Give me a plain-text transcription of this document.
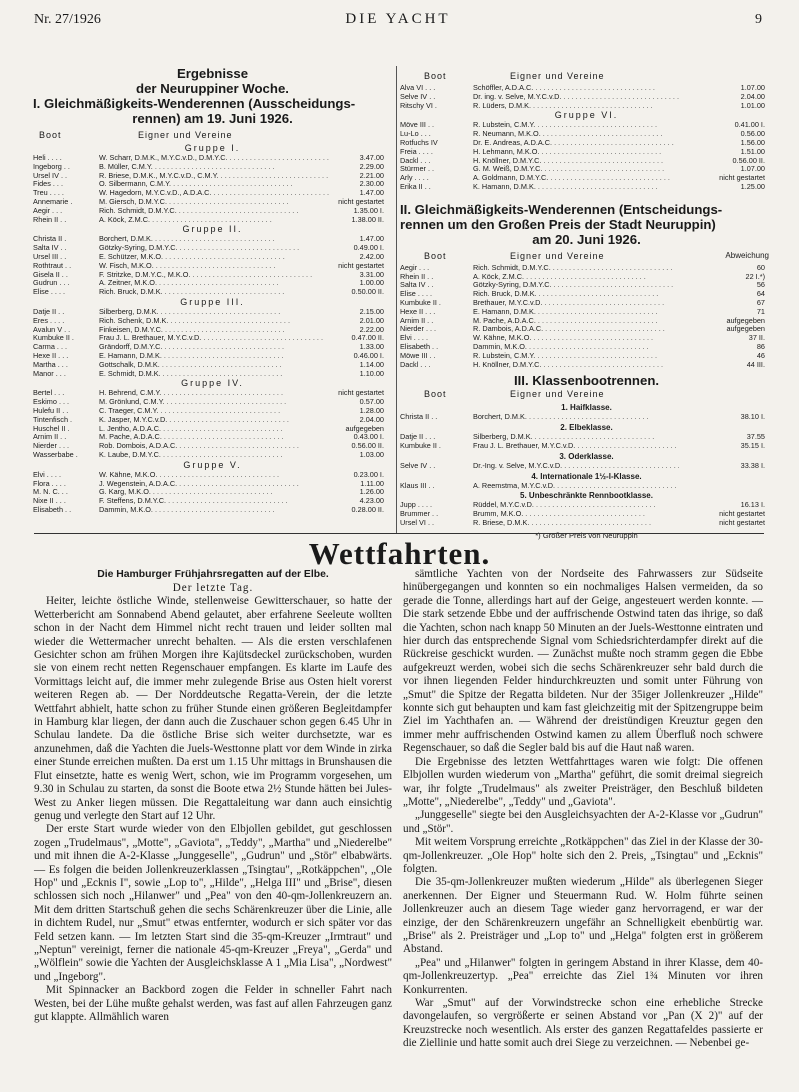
Nr. 27/1926	DIE YACHT	9
Ergebnisse
der Neuruppiner Woche.
I. Gleichmäßigkeits-Wenderennen (Ausscheidungs-
rennen) am 19. Juni 1926.
Boot	Eigner und Vereine
Gruppe I.
Heli . . . .	W. Scharr, D.M.K., M.Y.C.v.D., D.M.Y.C. . . .	3.47.00
Ingeborg . .	B. Müller, C.M.Y. . . .	2.29.00
Ursel IV . .	R. Briese, D.M.K., M.Y.C.v.D., C.M.Y. . . .	2.21.00
Fides . . .	O. Silbermann, C.M.Y. . . .	2.30.00
Treu . . . .	W. Hagedorn, M.Y.C.v.D., A.D.A.C. . . .	1.47.00
Annemarie .	M. Giersch, D.M.Y.C. . . .	nicht gestartet
Aegir . . .	Rich. Schmidt, D.M.Y.C. . . .	1.35.00 I.
Rhein II . .	A. Köck, Z.M.C. . . .	1.38.00 II.
Gruppe II.
Christa II .	Borchert, D.M.K. . . .	1.47.00
Salta IV . .	Götzky-Syring, D.M.Y.C. . . .	0.49.00 I.
Ursel III . .	E. Schützer, M.K.O. . . .	2.42.00
Rothtraut . .	W. Fisch, M.K.O. . . .	nicht gestartet
Gisela II . .	F. Stritzke, D.M.Y.C., M.K.O. . . .	3.31.00
Gudrun . . .	A. Zeitner, M.K.O. . . .	1.00.00
Elise . . . .	Rich. Bruck, D.M.K. . . .	0.50.00 II.
Gruppe III.
Datje II . .	Silberberg, D.M.K. . . .	2.15.00
Eres . . . .	Rich. Schenk, D.M.K. . . .	2.01.00
Avalun V . .	Finkeisen, D.M.Y.C. . . .	2.22.00
Kumbuke II .	Frau J. L. Brethauer, M.Y.C.v.D. . . .	0.47.00 II.
Carma . . .	Grändorff, D.M.Y.C. . . .	1.33.00
Hexe II . . .	E. Hamann, D.M.K. . . .	0.46.00 I.
Martha . . .	Gottschalk, D.M.K. . . .	1.14.00
Manor . . .	E. Schmidt, D.M.K. . . .	1.10.00
Gruppe IV.
Bertel . . .	H. Behrend, C.M.Y. . . .	nicht gestartet
Eskimo . . .	M. Grönlund, C.M.Y. . . .	0.57.00
Hulefu II . .	C. Traeger, C.M.Y. . . .	1.28.00
Tintenfisch .	K. Jasper, M.Y.C.v.D. . . .	2.04.00
Huschel II .	L. Jentho, A.D.A.C. . . .	aufgegeben
Arnim II . .	M. Pache, A.D.A.C. . . .	0.43.00 I.
Nierder . . .	Rob. Dombois, A.D.A.C. . . .	0.56.00 II.
Wasserbabe .	K. Laube, D.M.Y.C. . . .	1.03.00
Gruppe V.
Elvi . . . .	W. Kähne, M.K.O. . . .	0.23.00 I.
Flora . . . .	J. Wegenstein, A.D.A.C. . . .	1.11.00
M. N. C. . .	G. Karg, M.K.O. . . .	1.26.00
Nixe II . . .	F. Steffens, D.M.Y.C. . . .	4.23.00
Elisabeth . .	Dammin, M.K.O. . . .	0.28.00 II.
Boot	Eigner und Vereine
Alva VI . . .	Schöffler, A.D.A.C. . . .	1.07.00
Selve IV . .	Dr. ing. v. Selve, M.Y.C.v.D. . . .	2.04.00
Ritschy VI .	R. Lüders, D.M.K. . . .	1.01.00
Gruppe VI.
Möve III . .	R. Lubstein, C.M.Y. . . .	0.41.00 I.
Lu-Lo . . .	R. Neumann, M.K.O. . . .	0.56.00
Rotfuchs IV	Dr. E. Andreas, A.D.A.C. . . .	1.56.00
Freia . . . .	H. Lehmann, M.K.O. . . .	1.51.00
Dackl . . .	H. Knöllner, D.M.Y.C. . . .	0.56.00 II.
Stürmer . .	G. M. Weiß, D.M.Y.C. . . .	1.07.00
Arly . . . .	A. Goldmann, D.M.Y.C. . . .	nicht gestartet
Erika II . .	K. Hamann, D.M.K. . . .	1.25.00
II. Gleichmäßigkeits-Wenderennen (Entscheidungs-
rennen um den Großen Preis der Stadt Neuruppin)
am 20. Juni 1926.
Boot	Eigner und Vereine	Abweichung
Aegir . . .	Rich. Schmidt, D.M.Y.C. . . .	60
Rhein II . .	A. Köck, Z.M.C. . . .	22 I.*)
Salta IV . .	Götzky-Syring, D.M.Y.C. . . .	56
Elise . . . .	Rich. Bruck, D.M.K. . . .	64
Kumbuke II .	Brethauer, M.Y.C.v.D. . . .	67
Hexe II . . .	E. Hamann, D.M.K. . . .	71
Arnim II . .	M. Pache, A.D.A.C. . . .	aufgegeben
Nierder . . .	R. Dambois, A.D.A.C. . . .	aufgegeben
Elvi . . . .	W. Kähne, M.K.O. . . .	37 II.
Elisabeth . .	Dammin, M.K.O. . . .	86
Möwe III . .	R. Lubstein, C.M.Y. . . .	46
Dackl . . .	H. Knöllner, D.M.Y.C. . . .	44 III.
III. Klassenbootrennen.
Boot	Eigner und Vereine
1. Haifklasse.
Christa II . .	Borchert, D.M.K. . . .	38.10 I.
2. Elbeklasse.
Datje II . . .	Silberberg, D.M.K. . . .	37.55
Kumbuke II .	Frau J. L. Brethauer, M.Y.C.v.D. . . .	35.15 I.
3. Oderklasse.
Selve IV . .	Dr.-Ing. v. Selve, M.Y.C.v.D. . . .	33.38 I.
4. Internationale 1½-l-Klasse.
Klaus III . .	A. Reemstma, M.Y.C.v.D. . . .
5. Unbeschränkte Rennbootklasse.
Jupp . . . .	Rüddel, M.Y.C.v.D. . . .	16.13 I.
Brummer . .	Brumm, M.K.O. . . .	nicht gestartet
Ursel VI . .	R. Briese, D.M.K. . . .	nicht gestartet
*) Großer Preis von Neuruppin
Wettfahrten.

Die Hamburger Frühjahrsregatten auf der Elbe.

Der letzte Tag.

Heiter, leichte östliche Winde, stellenweise Gewitterschauer, so hatte der Wetterbericht am Sonnabend Abend gelautet, aber erfahrene Seeleute wollten schon in der Nacht dem Himmel nicht recht trauen und leider sollten mal wieder die Wettermacher unrecht behalten. — Als die ersten verschlafenen Gesichter schon am frühen Morgen ihre Kajütsdeckel zurückschoben, wurden sie von einem recht netten Regenschauer empfangen. Es klarte im Laufe des Vormittags leicht auf, die immer mehr zulegende Brise aus Osten hielt vorerst weiteren Regen ab. — Der Norddeutsche Regatta-Verein, der die letzte Wettfahrt abhielt, hatte schon zu früher Stunde einen größeren Begleitdampfer in Hamburg klar liegen, der dann auch die Zuschauer schon gegen 6.45 Uhr in Schulau landete. Da die östliche Brise sich weiter durchsetzte, war es anzunehmen, daß die Yachten die Juels-Westtonne platt vor dem Winde in zirka einer Stunde erreichen mußten. Da erst um 1.15 Uhr mittags in Brunshausen die Flut einsetzte, hatte es wenig Wert, schon, wie im Programm vorgesehen, um 9.30 in Schulau zu starten, da sonst die Boote etwa 2½ Stunde hätten bei Jules-West zu Anker liegen müssen. Die Regattaleitung war dann auch einsichtig genug und verlegte den Start auf 12 Uhr.

Der erste Start wurde wieder von den Elbjollen gebildet, gut geschlossen zogen „Trudelmaus", „Motte", „Gaviota", „Teddy", „Martha" und „Niederelbe" und mit ihnen die A-2-Klasse „Junggeselle", „Gudrun" und „Stör" elbabwärts. — Es folgen die beiden Jollenkreuzerklassen „Tsingtau", „Rotkäppchen", „Ole Hop" und „Ecknis I", sowie „Lop to", „Hilde", „Helga III" und „Brise", diesen schlossen sich noch „Hilanwer" und „Pea" von den 40-qm-Jollenkreuzern an. Mit dem dritten Startschuß gehen die sechs Schärenkreuzer über die Linie, alle in dichtem Rudel, nur „Smut" etwas entfernter, wodurch er sich später vor das Feld setzen kann. — Im letzten Start sind die 35-qm-Kreuzer „Irmtraut" und „Neptun" vereinigt, ferner die nationale 45-qm-Kreuzer „Freya", „Gerda" und „Wölflein" sowie die Yachten der Ausgleichsklasse A 1 „Mia Lisa", „Nordwest" und „Ingeborg".

Mit Spinnacker an Backbord zogen die Felder in schneller Fahrt nach Westen, bei der Lühe mußte gehalst werden, was fast auf allen Fahrzeugen ganz gut klappte. Allmählich waren

sämtliche Yachten von der Nordseite des Fahrwassers zur Südseite hinübergegangen und konnten so ein nochmaliges Halsen vermeiden, da so gerade die Tonne, allerdings hart auf der Geige, angesteuert werden konnte. — Die stark setzende Ebbe und der auffrischende Ostwind taten das ihrige, so daß die Yachten, schon nach knapp 50 Minuten an der Juels-Westtonne eintraten und hier durch das entsprechende Signal vom Schiedsrichterdampfer direkt auf die Rückreise geschickt wurden. — Zunächst mußte noch stramm gegen die Ebbe aufgekreuzt werden, wobei sich die sechs Schärenkreuzer sehr bald durch die vor ihnen liegenden Felder hindurchkreuzten und somit unter Führung von „Smut" die Spitze der Regatta bildeten. Nur der 35iger Jollenkreuzer „Hilde" konnte sich gut behaupten und kam fast gleichzeitig mit der Spitzengruppe beim Ziel im Yachthafen an. — Während der dreistündigen Kreuztur gegen den immer mehr auffrischenden Ostwind kamen zu allem Überfluß noch schwere Regenschauer, so daß die Segler bald bis auf die Haut naß waren.

Die Ergebnisse des letzten Wettfahrttages waren wie folgt: Die offenen Elbjollen wurden wiederum von „Martha" geführt, die somit dreimal siegreich war, ihr folgte „Trudelmaus" als zweiter Preisträger, den Beschluß bildeten „Motte", „Niederelbe", „Teddy" und „Gaviota".

„Junggeselle" siegte bei den Ausgleichsyachten der A-2-Klasse vor „Gudrun" und „Stör".

Mit weitem Vorsprung erreichte „Rotkäppchen" das Ziel in der Klasse der 30-qm-Jollenkreuzer. „Ole Hop" holte sich den 2. Preis, „Tsingtau" und „Ecknis" folgten.

Die 35-qm-Jollenkreuzer mußten wiederum „Hilde" als überlegenen Sieger anerkennen. Der Eigner und Steuermann Rud. W. Holm führte seinen Jollenkreuzer auch an diesem Tage wieder ganz hervorragend, er war der einzige, der den Schärenkreuzern ungefähr an Schnelligkeit ebenbürtig war. „Brise" als 2. Preisträger und „Lop to" und „Helga" folgten erst in größerem Abstand.

„Pea" und „Hilanwer" folgten in geringem Abstand in ihrer Klasse, dem 40-qm-Jollenkreuzertyp. „Pea" erreichte das Ziel 1¾ Minuten vor ihren Konkurrenten.

War „Smut" auf der Vorwindstrecke schon eine erhebliche Strecke davongelaufen, so vergrößerte er seinen Abstand vor „Pan (X 2)" auf der Kreuzstrecke noch wesentlich. Als erster des ganzen Regattafeldes passierte er die Ziellinie und hatte somit auch drei Siege zu verzeichnen. — Nebenbei ge-
